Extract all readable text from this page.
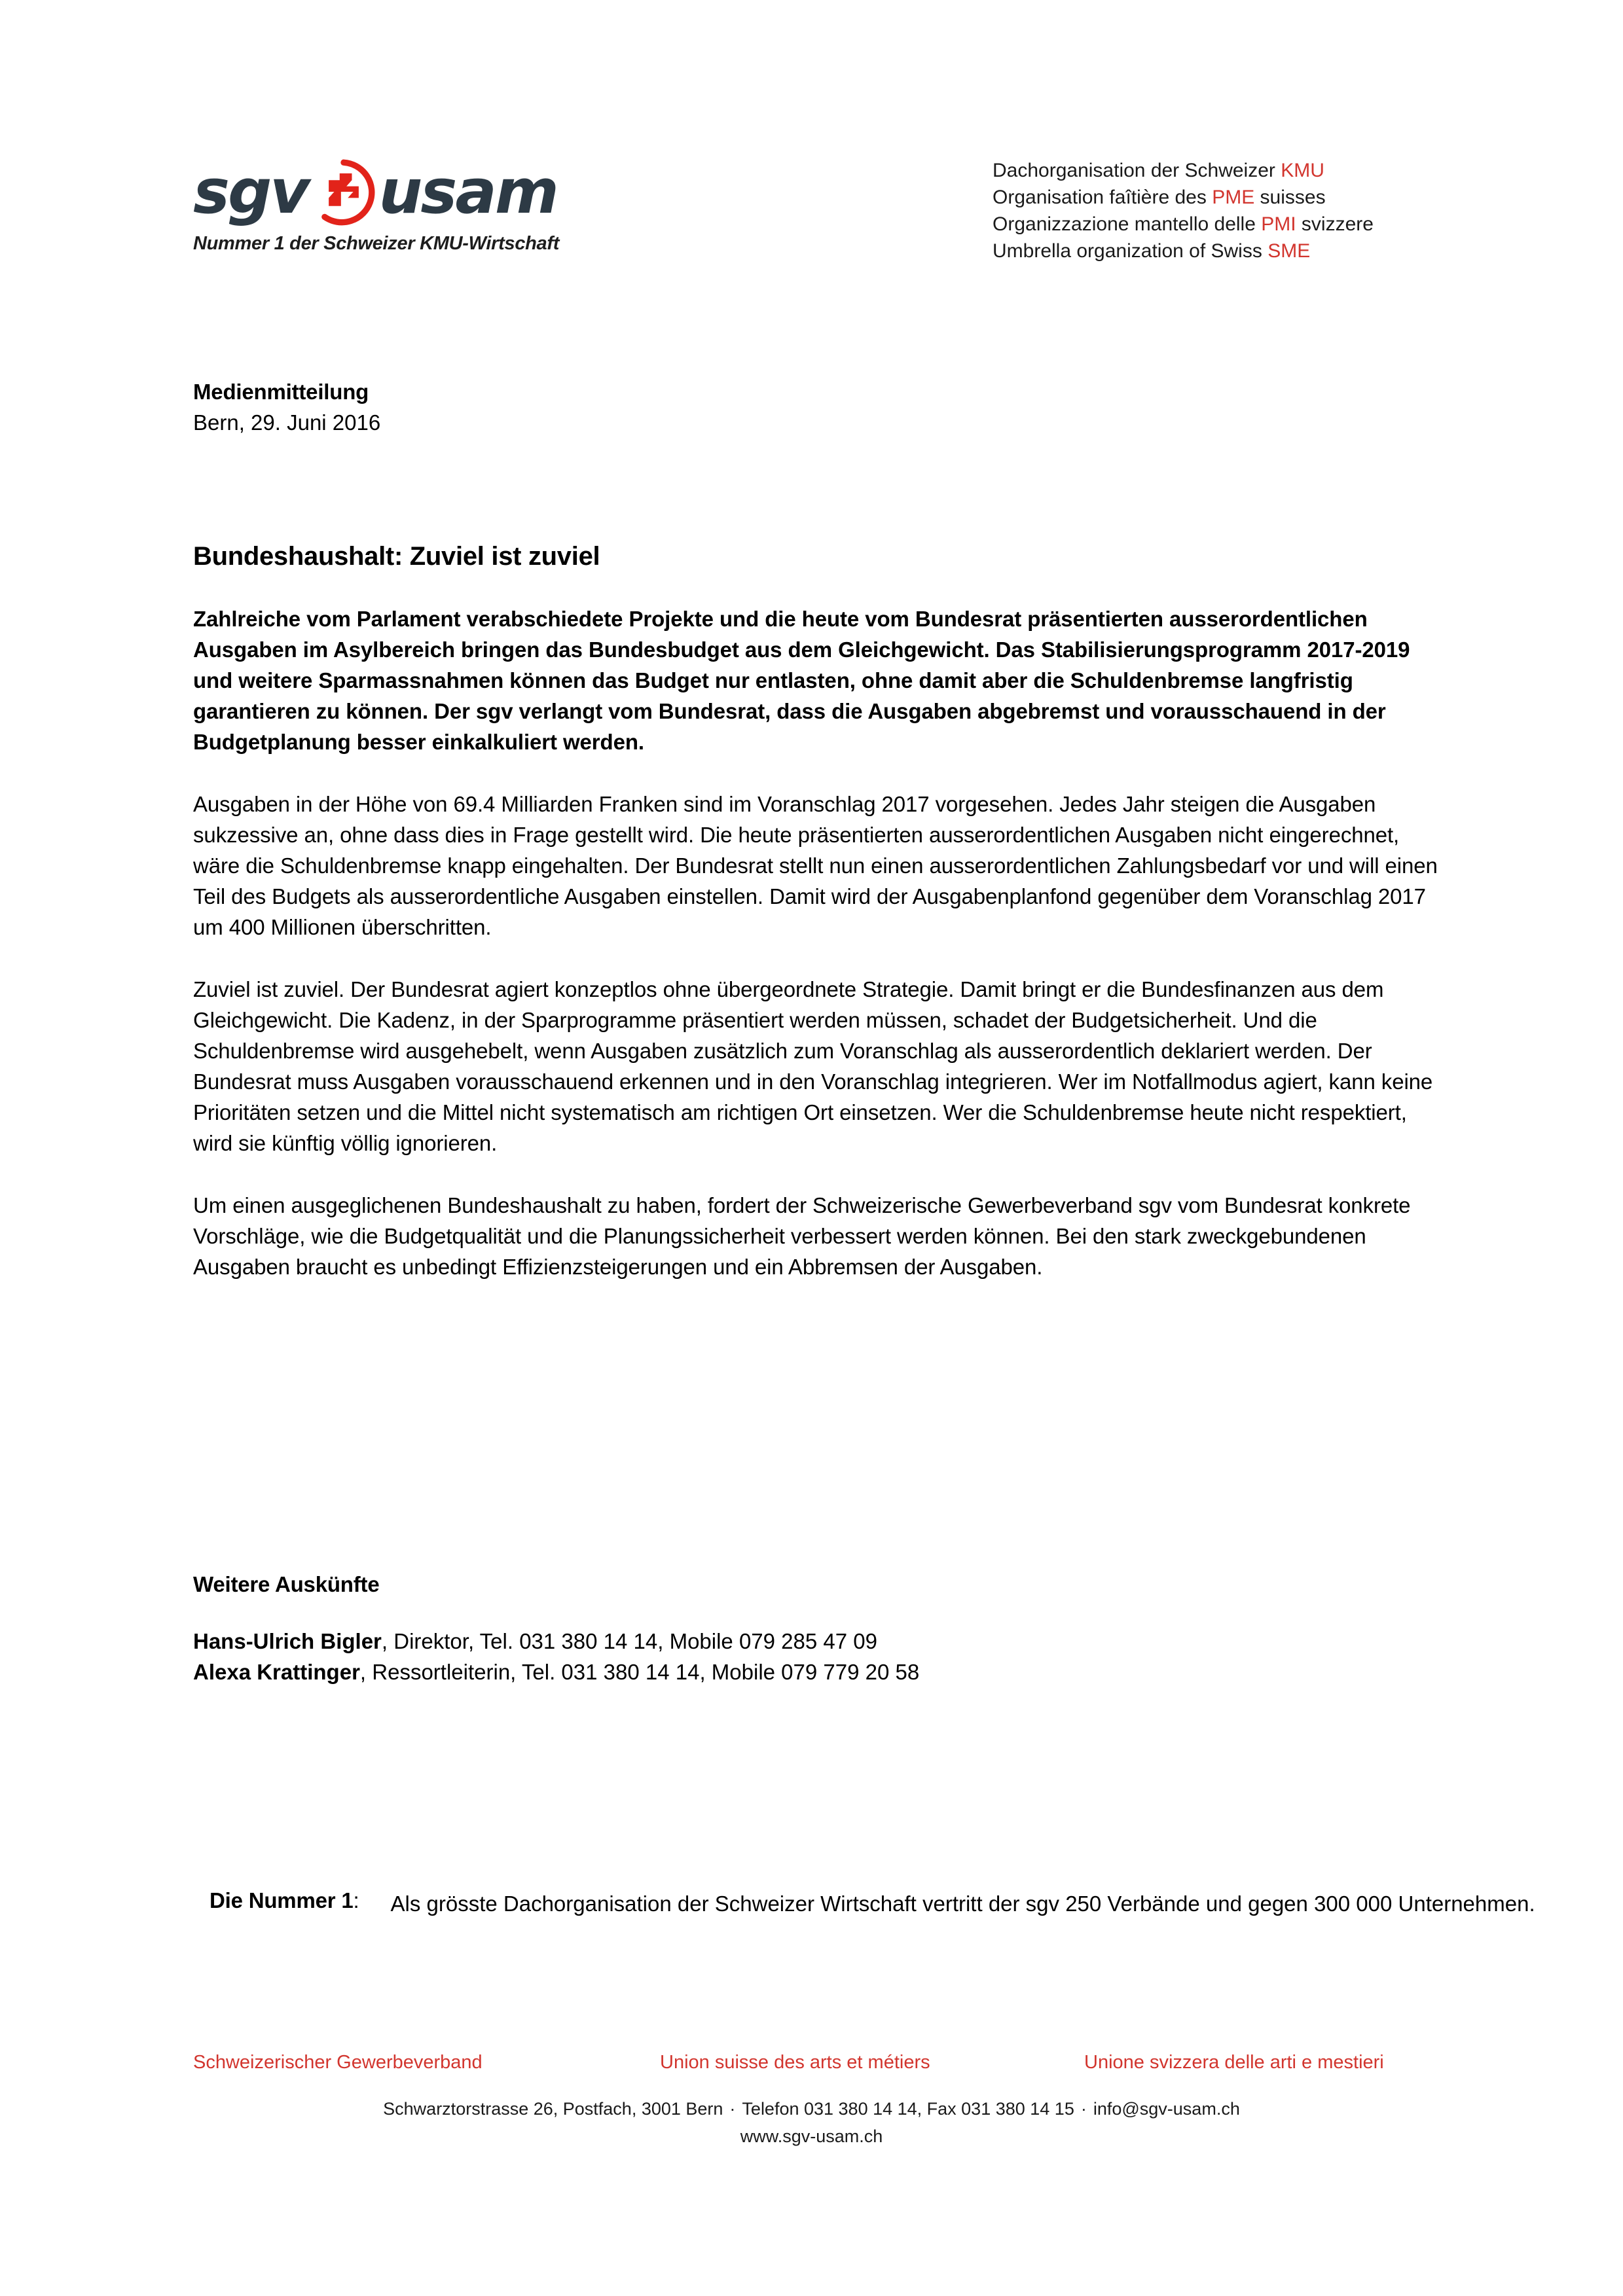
sgv usam
Nummer 1 der Schweizer KMU-Wirtschaft
Dachorganisation der Schweizer KMU
Organisation faîtière des PME suisses
Organizzazione mantello delle PMI svizzere
Umbrella organization of Swiss SME
Medienmitteilung
Bern, 29. Juni 2016
Bundeshaushalt: Zuviel ist zuviel

Zahlreiche vom Parlament verabschiedete Projekte und die heute vom Bundesrat präsentierten ausserordentlichen Ausgaben im Asylbereich bringen das Bundesbudget aus dem Gleichgewicht. Das Stabilisierungsprogramm 2017-2019 und weitere Sparmassnahmen können das Budget nur entlasten, ohne damit aber die Schuldenbremse langfristig garantieren zu können. Der sgv verlangt vom Bundesrat, dass die Ausgaben abgebremst und vorausschauend in der Budgetplanung besser einkalkuliert werden.

Ausgaben in der Höhe von 69.4 Milliarden Franken sind im Voranschlag 2017 vorgesehen. Jedes Jahr steigen die Ausgaben sukzessive an, ohne dass dies in Frage gestellt wird. Die heute präsentierten ausserordentlichen Ausgaben nicht eingerechnet, wäre die Schuldenbremse knapp eingehalten. Der Bundesrat stellt nun einen ausserordentlichen Zahlungsbedarf vor und will einen Teil des Budgets als ausserordentliche Ausgaben einstellen. Damit wird der Ausgabenplanfond gegenüber dem Voranschlag 2017 um 400 Millionen überschritten.

Zuviel ist zuviel. Der Bundesrat agiert konzeptlos ohne übergeordnete Strategie. Damit bringt er die Bundesfinanzen aus dem Gleichgewicht. Die Kadenz, in der Sparprogramme präsentiert werden müssen, schadet der Budgetsicherheit. Und die Schuldenbremse wird ausgehebelt, wenn Ausgaben zusätzlich zum Voranschlag als ausserordentlich deklariert werden. Der Bundesrat muss Ausgaben vorausschauend erkennen und in den Voranschlag integrieren. Wer im Notfallmodus agiert, kann keine Prioritäten setzen und die Mittel nicht systematisch am richtigen Ort einsetzen. Wer die Schuldenbremse heute nicht respektiert, wird sie künftig völlig ignorieren.

Um einen ausgeglichenen Bundeshaushalt zu haben, fordert der Schweizerische Gewerbeverband sgv vom Bundesrat konkrete Vorschläge, wie die Budgetqualität und die Planungssicherheit verbessert werden können. Bei den stark zweckgebundenen Ausgaben braucht es unbedingt Effizienzsteigerungen und ein Abbremsen der Ausgaben.

Weitere Auskünfte
Hans-Ulrich Bigler, Direktor, Tel. 031 380 14 14, Mobile 079 285 47 09
Alexa Krattinger, Ressortleiterin, Tel. 031 380 14 14, Mobile 079 779 20 58
Die Nummer 1: Als grösste Dachorganisation der Schweizer Wirtschaft vertritt der sgv 250 Verbände und gegen 300 000 Unternehmen.
Schweizerischer Gewerbeverband	Union suisse des arts et métiers	Unione svizzera delle arti e mestieri
Schwarztorstrasse 26, Postfach, 3001 Bern · Telefon 031 380 14 14, Fax 031 380 14 15 · info@sgv-usam.ch
www.sgv-usam.ch
